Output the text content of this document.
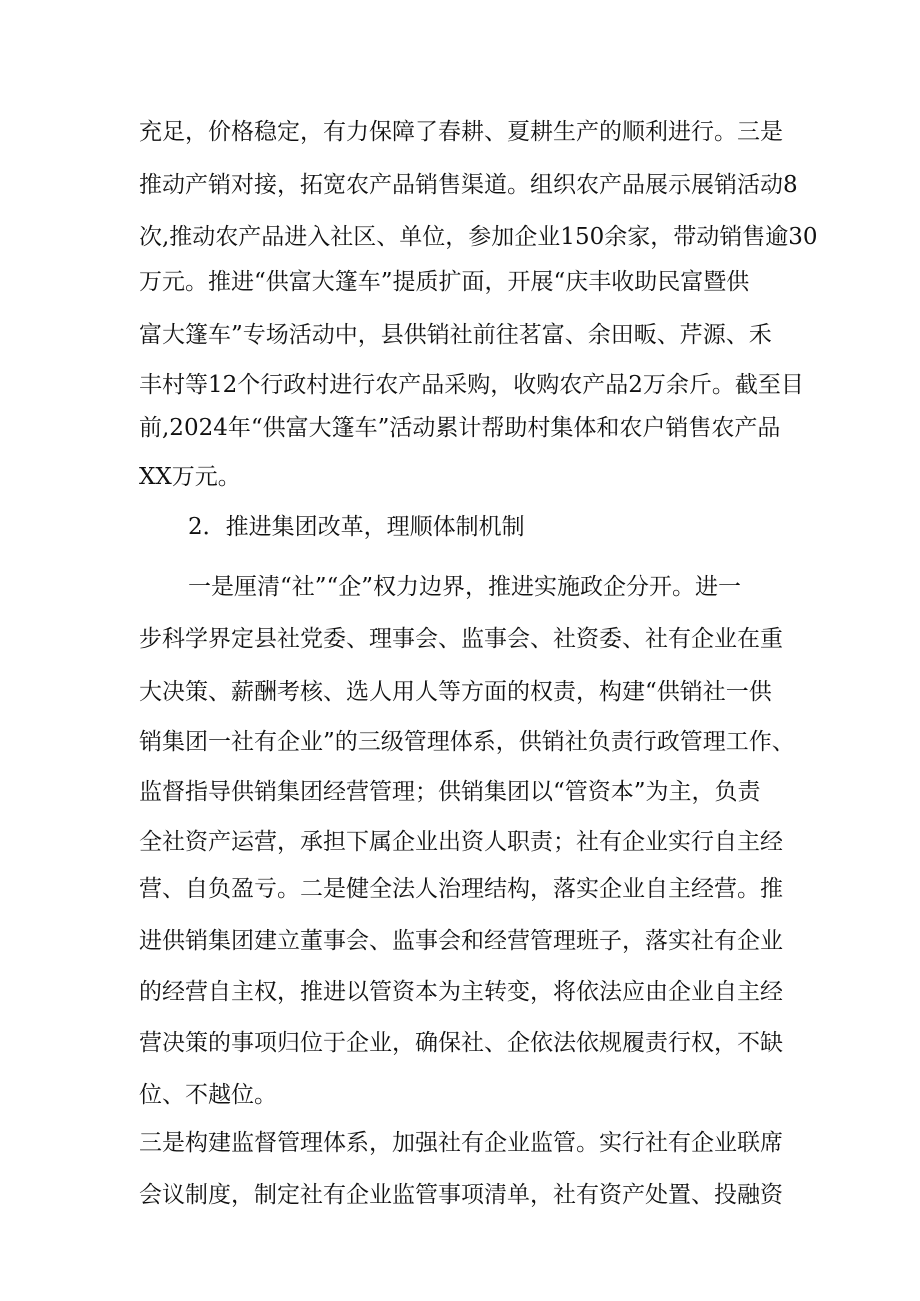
充足，价格稳定，有力保障了春耕、夏耕生产的顺利进行。三是
推动产销对接，拓宽农产品销售渠道。组织农产品展示展销活动8
次,推动农产品进入社区、单位，参加企业150余家，带动销售逾30
万元。推进“供富大篷车”提质扩面，开展“庆丰收助民富暨供
富大篷车”专场活动中，县供销社前往茗富、余田畈、芹源、禾
丰村等12个行政村进行农产品采购，收购农产品2万余斤。截至目
前,2024年“供富大篷车”活动累计帮助村集体和农户销售农产品
XX万元。
2．推进集团改革，理顺体制机制
一是厘清“社”“企”权力边界，推进实施政企分开。进一
步科学界定县社党委、理事会、监事会、社资委、社有企业在重
大决策、薪酬考核、选人用人等方面的权责，构建“供销社一供
销集团一社有企业”的三级管理体系，供销社负责行政管理工作、
监督指导供销集团经营管理；供销集团以“管资本”为主，负责
全社资产运营，承担下属企业出资人职责；社有企业实行自主经
营、自负盈亏。二是健全法人治理结构，落实企业自主经营。推
进供销集团建立董事会、监事会和经营管理班子，落实社有企业
的经营自主权，推进以管资本为主转变，将依法应由企业自主经
营决策的事项归位于企业，确保社、企依法依规履责行权，不缺
位、不越位。
三是构建监督管理体系，加强社有企业监管。实行社有企业联席
会议制度，制定社有企业监管事项清单，社有资产处置、投融资
